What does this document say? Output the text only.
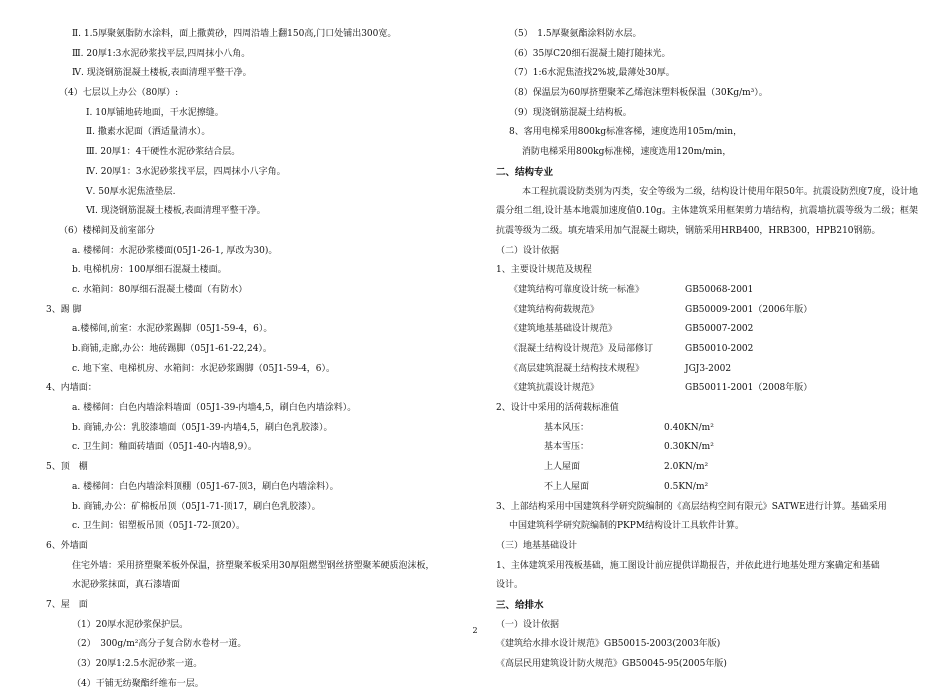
Ⅱ. 1.5厚聚氨脂防水涂料，面上撒黄砂，四周沿墙上翻150高,门口处铺出300宽。
Ⅲ. 20厚1:3水泥砂浆找平层,四周抹小八角。
Ⅳ. 现浇钢筋混凝土楼板,表面清理平整干净。
（4）七层以上办公（80厚）:
Ⅰ. 10厚铺地砖地面，干水泥擦缝。
Ⅱ. 撒素水泥面（洒适量清水）。
Ⅲ. 20厚1：4干硬性水泥砂浆结合层。
Ⅳ. 20厚1：3水泥砂浆找平层，四周抹小八字角。
Ⅴ. 50厚水泥焦渣垫层.
Ⅵ. 现浇钢筋混凝土楼板,表面清理平整干净。
（6）楼梯间及前室部分
a. 楼梯间：水泥砂浆楼面(05J1-26-1, 厚改为30)。
b. 电梯机房：100厚细石混凝土楼面。
c. 水箱间：80厚细石混凝土楼面（有防水）
3、踢 脚
a.楼梯间,前室：水泥砂浆踢脚（05J1-59-4，6）。
b.商铺,走廊,办公：地砖踢脚（05J1-61-22,24）。
c. 地下室、电梯机房、水箱间：水泥砂浆踢脚（05J1-59-4，6）。
4、内墙面：
a. 楼梯间：白色内墙涂料墙面（05J1-39-内墙4,5，刷白色内墙涂料）。
b. 商铺,办公：乳胶漆墙面（05J1-39-内墙4,5，刷白色乳胶漆）。
c. 卫生间：釉面砖墙面（05J1-40-内墙8,9）。
5、顶　棚
a. 楼梯间：白色内墙涂料顶棚（05J1-67-顶3，刷白色内墙涂料）。
b. 商铺,办公：矿棉板吊顶（05J1-71-顶17，刷白色乳胶漆）。
c. 卫生间：铝塑板吊顶（05J1-72-顶20）。
6、外墙面
住宅外墙：采用挤塑聚苯板外保温，挤塑聚苯板采用30厚阻燃型钢丝挤塑聚苯硬质泡沫板，
水泥砂浆抹面，真石漆墙面
7、屋　面
（1）20厚水泥砂浆保护层。
（2）　300g/m²高分子复合防水卷材一道。
（3）20厚1:2.5水泥砂浆一道。
（4）干铺无纺聚酯纤维布一层。
（5）　1.5厚聚氨酯涂料防水层。
（6）35厚C20细石混凝土随打随抹光。
（7）1:6水泥焦渣找2%坡,最薄处30厚。
（8）保温层为60厚挤塑聚苯乙烯泡沫塑料板保温（30Kg/m³）。
（9）现浇钢筋混凝土结构板。
8、客用电梯采用800kg标准客梯，速度选用105m/min，
消防电梯采用800kg标准梯，速度选用120m/min，
二、结构专业
本工程抗震设防类别为丙类，安全等级为二级，结构设计使用年限50年。抗震设防烈度7度，设计地震分组二组,设计基本地震加速度值0.10g。主体建筑采用框架剪力墙结构，抗震墙抗震等级为二级；框架抗震等级为二级。填充墙采用加气混凝土砌块，钢筋采用HRB400，HRB300，HPB210钢筋。
（二）设计依据
1、主要设计规范及规程
《建筑结构可靠度设计统一标准》	GB50068-2001
《建筑结构荷载规范》	GB50009-2001（2006年版）
《建筑地基基础设计规范》	GB50007-2002
《混凝土结构设计规范》及局部修订	GB50010-2002
《高层建筑混凝土结构技术规程》	JGJ3-2002
《建筑抗震设计规范》	GB50011-2001（2008年版）
2、设计中采用的活荷载标准值
基本风压：	0.40KN/m²
基本雪压：	0.30KN/m²
上人屋面	2.0KN/m²
不上人屋面	0.5KN/m²
3、上部结构采用中国建筑科学研究院编制的《高层结构空间有限元》SATWE进行计算。基础采用
中国建筑科学研究院编制的PKPM结构设计工具软件计算。
（三）地基基础设计
1、主体建筑采用筏板基础，施工图设计前应提供详勘报告，并依此进行地基处理方案确定和基础
设计。
三、给排水
（一）设计依据
《建筑给水排水设计规范》GB50015-2003(2003年版)
《高层民用建筑设计防火规范》GB50045-95(2005年版)
2
